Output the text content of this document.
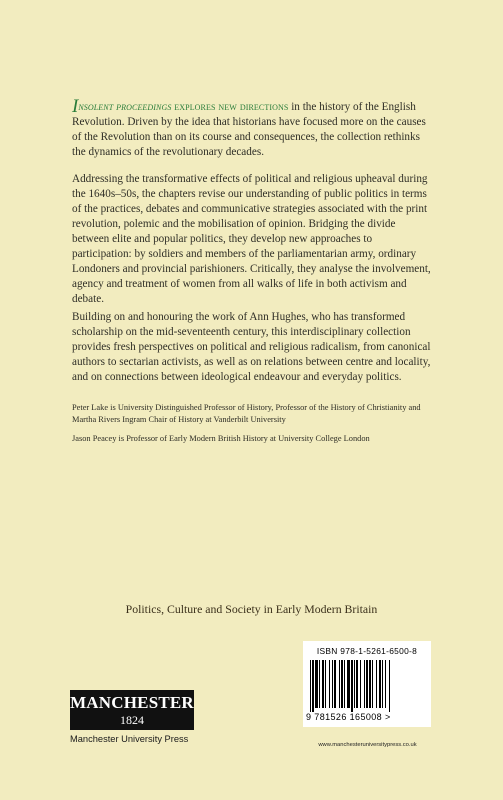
Insolent proceedings explores new directions in the history of the English Revolution. Driven by the idea that historians have focused more on the causes of the Revolution than on its course and consequences, the collection rethinks the dynamics of the revolutionary decades.

Addressing the transformative effects of political and religious upheaval during the 1640s–50s, the chapters revise our understanding of public politics in terms of the practices, debates and communicative strategies associated with the print revolution, polemic and the mobilisation of opinion. Bridging the divide between elite and popular politics, they develop new approaches to participation: by soldiers and members of the parliamentarian army, ordinary Londoners and provincial parishioners. Critically, they analyse the involvement, agency and treatment of women from all walks of life in both activism and debate.

Building on and honouring the work of Ann Hughes, who has transformed scholarship on the mid-seventeenth century, this interdisciplinary collection provides fresh perspectives on political and religious radicalism, from canonical authors to sectarian activists, as well as on relations between centre and locality, and on connections between ideological endeavour and everyday politics.

Peter Lake is University Distinguished Professor of History, Professor of the History of Christianity and Martha Rivers Ingram Chair of History at Vanderbilt University

Jason Peacey is Professor of Early Modern British History at University College London

Politics, Culture and Society in Early Modern Britain
ISBN 978-1-5261-6500-8
9 781526 165008 >
www.manchesteruniversitypress.co.uk
MANCHESTER
1824
Manchester University Press
